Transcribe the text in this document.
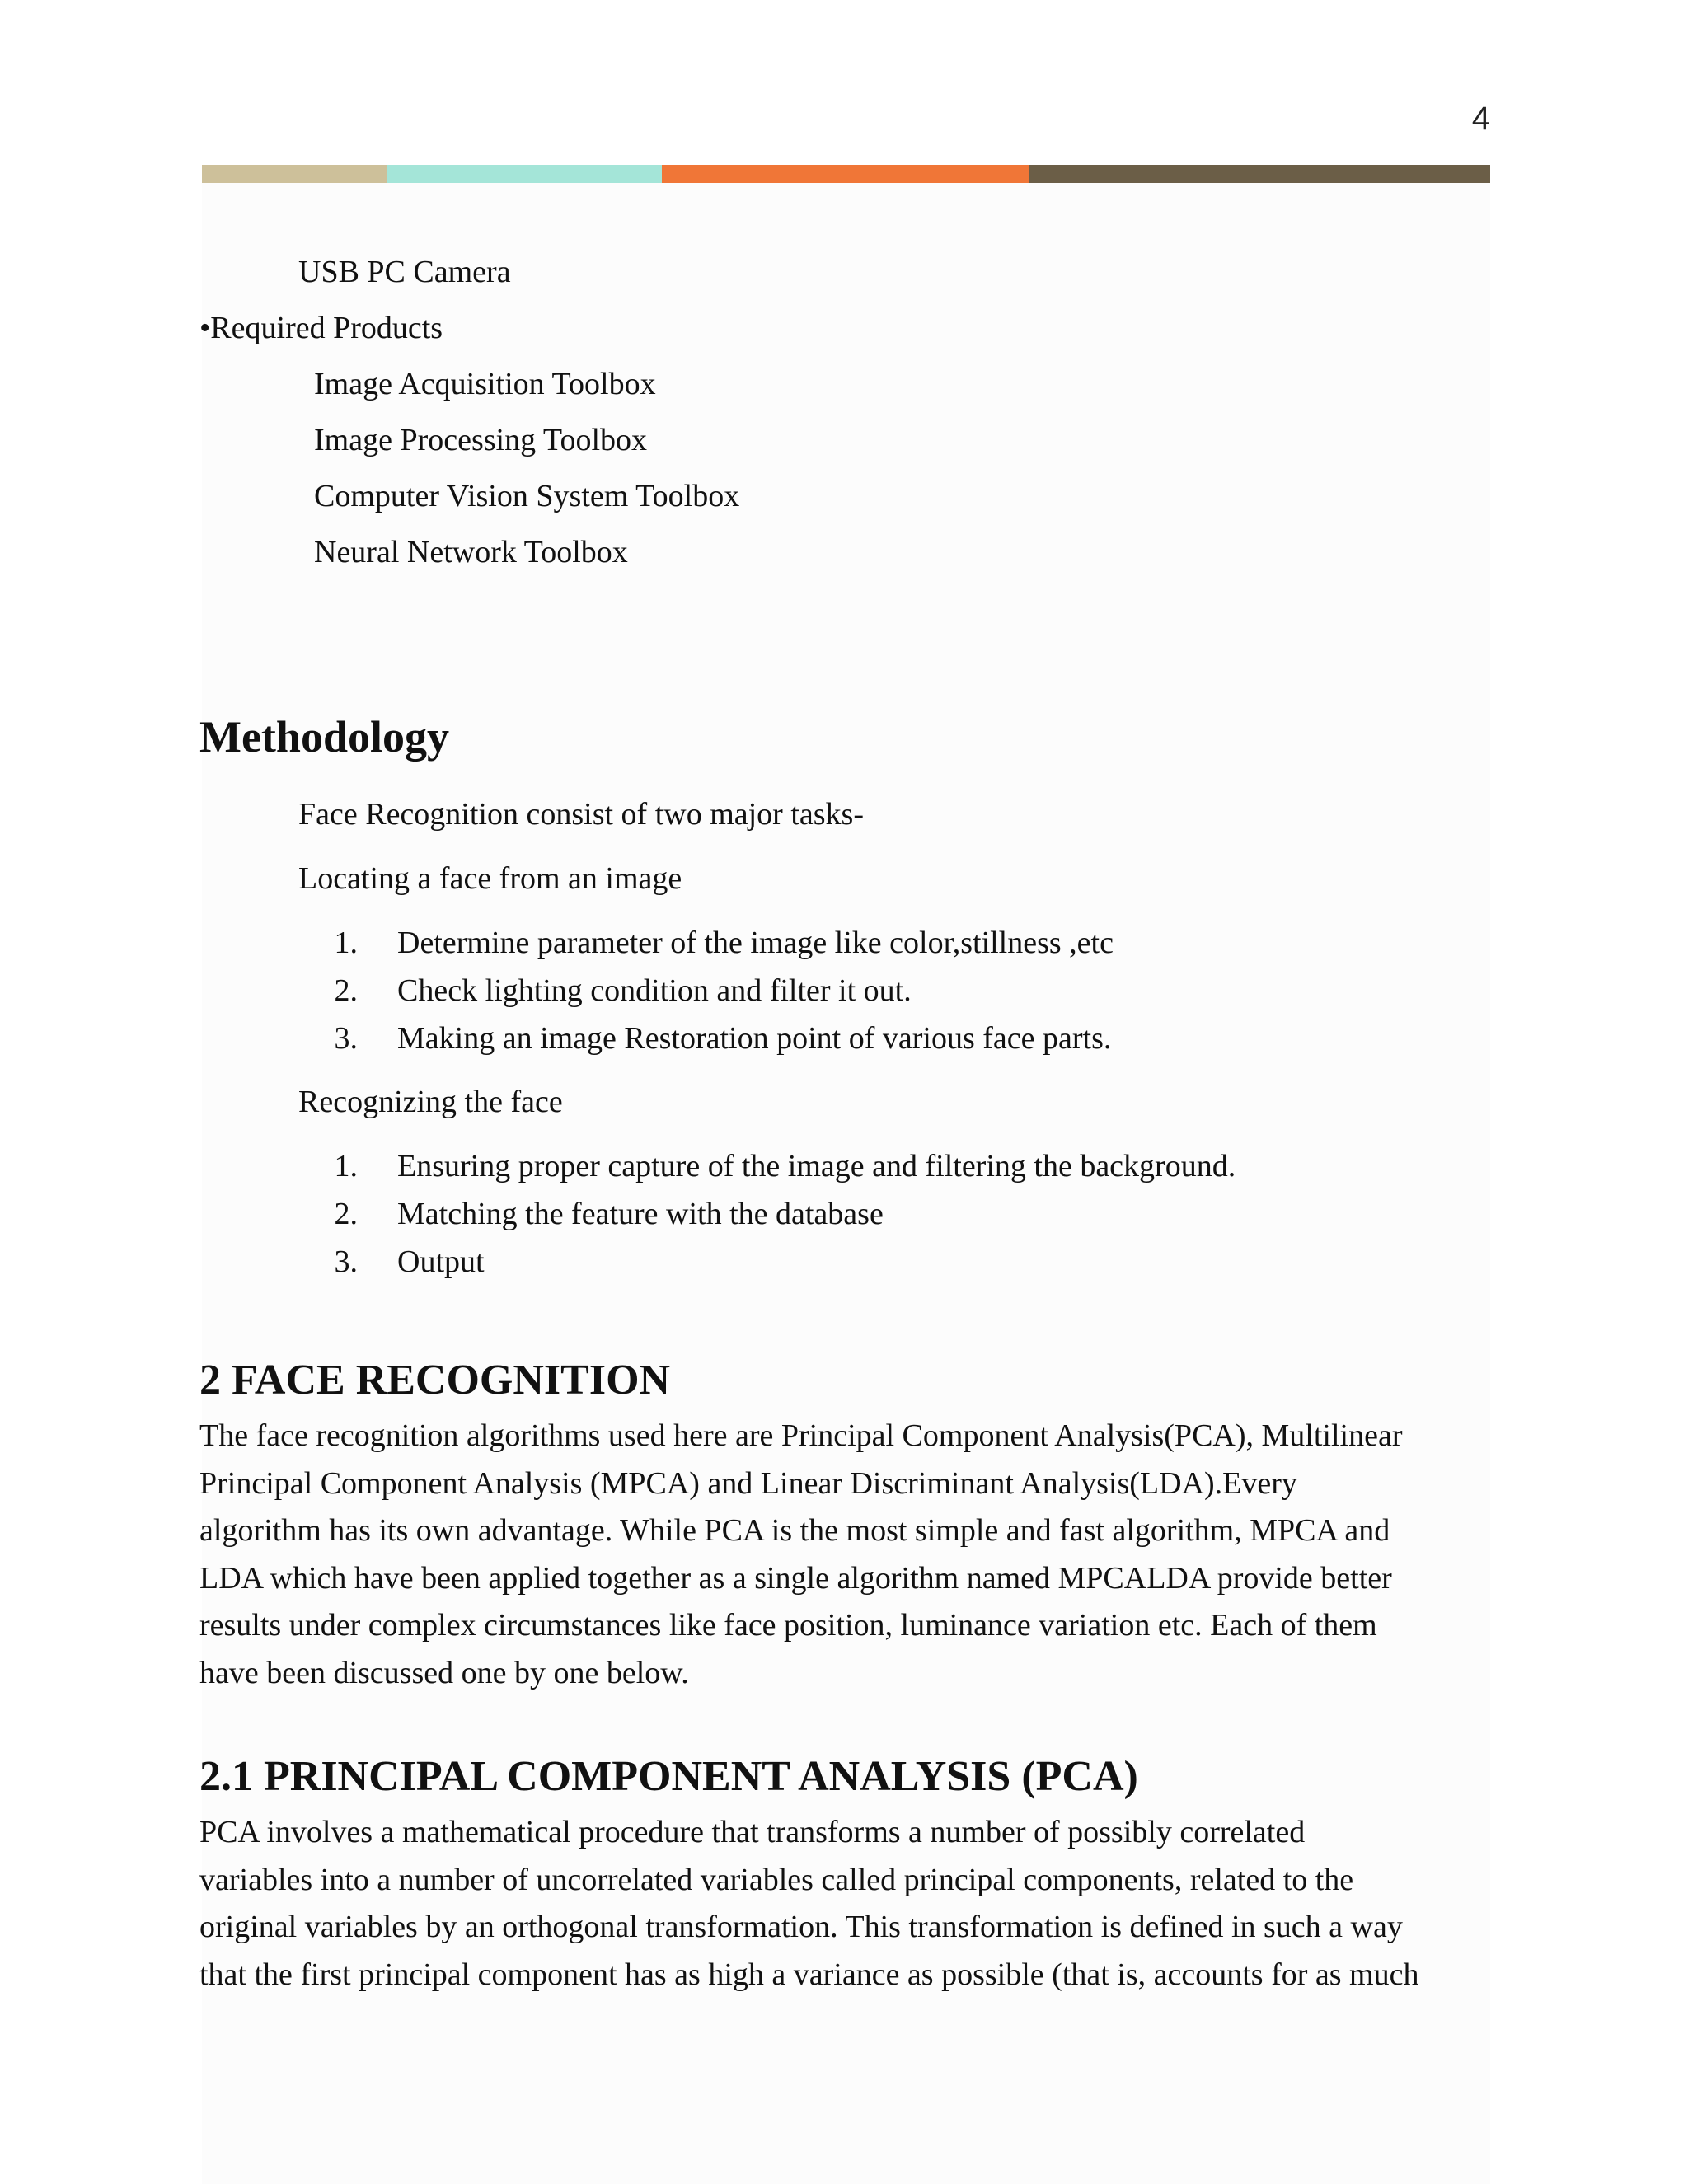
4
USB PC Camera
•Required Products
Image Acquisition Toolbox
Image Processing Toolbox
Computer Vision System Toolbox
Neural Network Toolbox
Methodology
Face Recognition consist of two major tasks-
Locating a face from an image
1. Determine parameter of the image like color,stillness ,etc
2. Check lighting condition and filter it out.
3. Making an image Restoration point of various face parts.
Recognizing the face
1. Ensuring proper capture of the image and filtering the background.
2. Matching the feature with the database
3. Output
2 FACE RECOGNITION
The face recognition algorithms used here are Principal Component Analysis(PCA), Multilinear
Principal Component Analysis (MPCA) and Linear Discriminant Analysis(LDA).Every
algorithm has its own advantage. While PCA is the most simple and fast algorithm, MPCA and
LDA which have been applied together as a single algorithm named MPCALDA provide better
results under complex circumstances like face position, luminance variation etc. Each of them
have been discussed one by one below.
2.1 PRINCIPAL COMPONENT ANALYSIS (PCA)
PCA involves a mathematical procedure that transforms a number of possibly correlated
variables into a number of uncorrelated variables called principal components, related to the
original variables by an orthogonal transformation. This transformation is defined in such a way
that the first principal component has as high a variance as possible (that is, accounts for as much
